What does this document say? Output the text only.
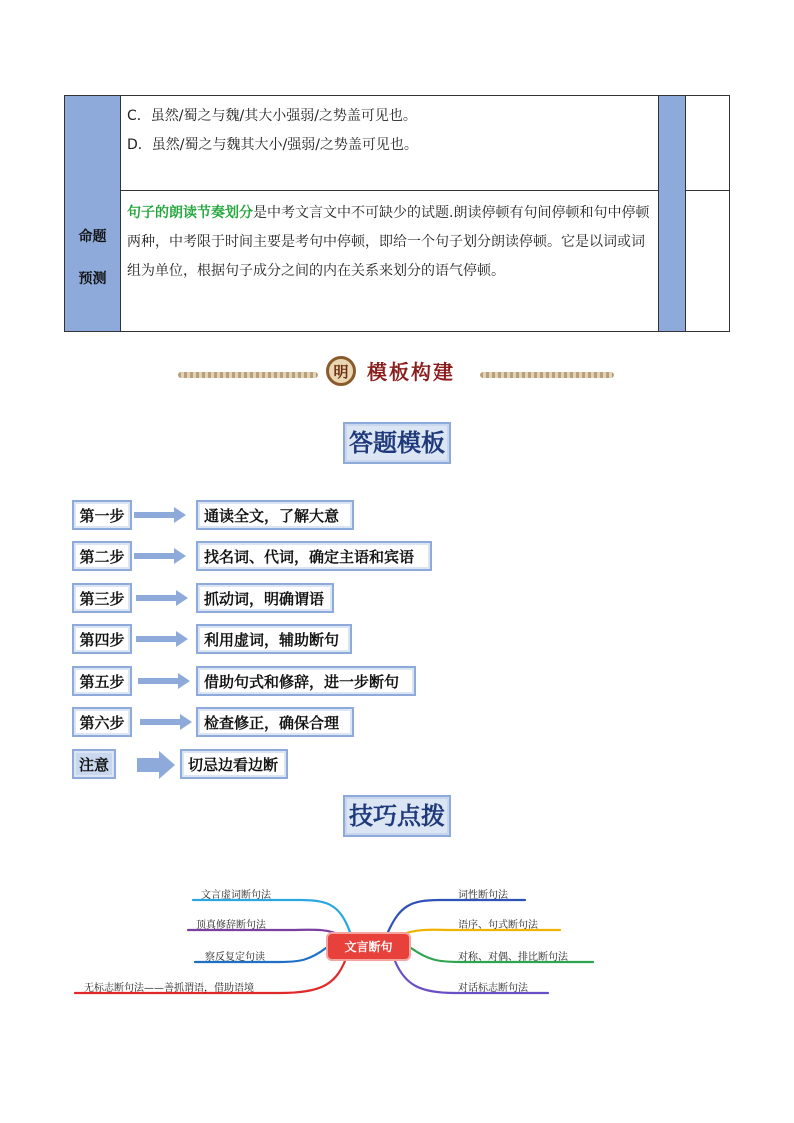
C．虽然/蜀之与魏/其大小强弱/之势盖可见也。
D．虽然/蜀之与魏其大小/强弱/之势盖可见也。
命题
预测
句子的朗读节奏划分是中考文言文中不可缺少的试题.朗读停顿有句间停顿和句中停顿两种，中考限于时间主要是考句中停顿，即给一个句子划分朗读停顿。它是以词或词组为单位，根据句子成分之间的内在关系来划分的语气停顿。
明 模板构建
答题模板
第一步	通读全文，了解大意
第二步	找名词、代词，确定主语和宾语
第三步	抓动词，明确谓语
第四步	利用虚词，辅助断句
第五步	借助句式和修辞，进一步断句
第六步	检查修正，确保合理
注意	切忌边看边断
技巧点拨
文言断句
文言虚词断句法
顶真修辞断句法
察反复定句读
无标志断句法——善抓谓语，借助语境
词性断句法
语序、句式断句法
对称、对偶、排比断句法
对话标志断句法
